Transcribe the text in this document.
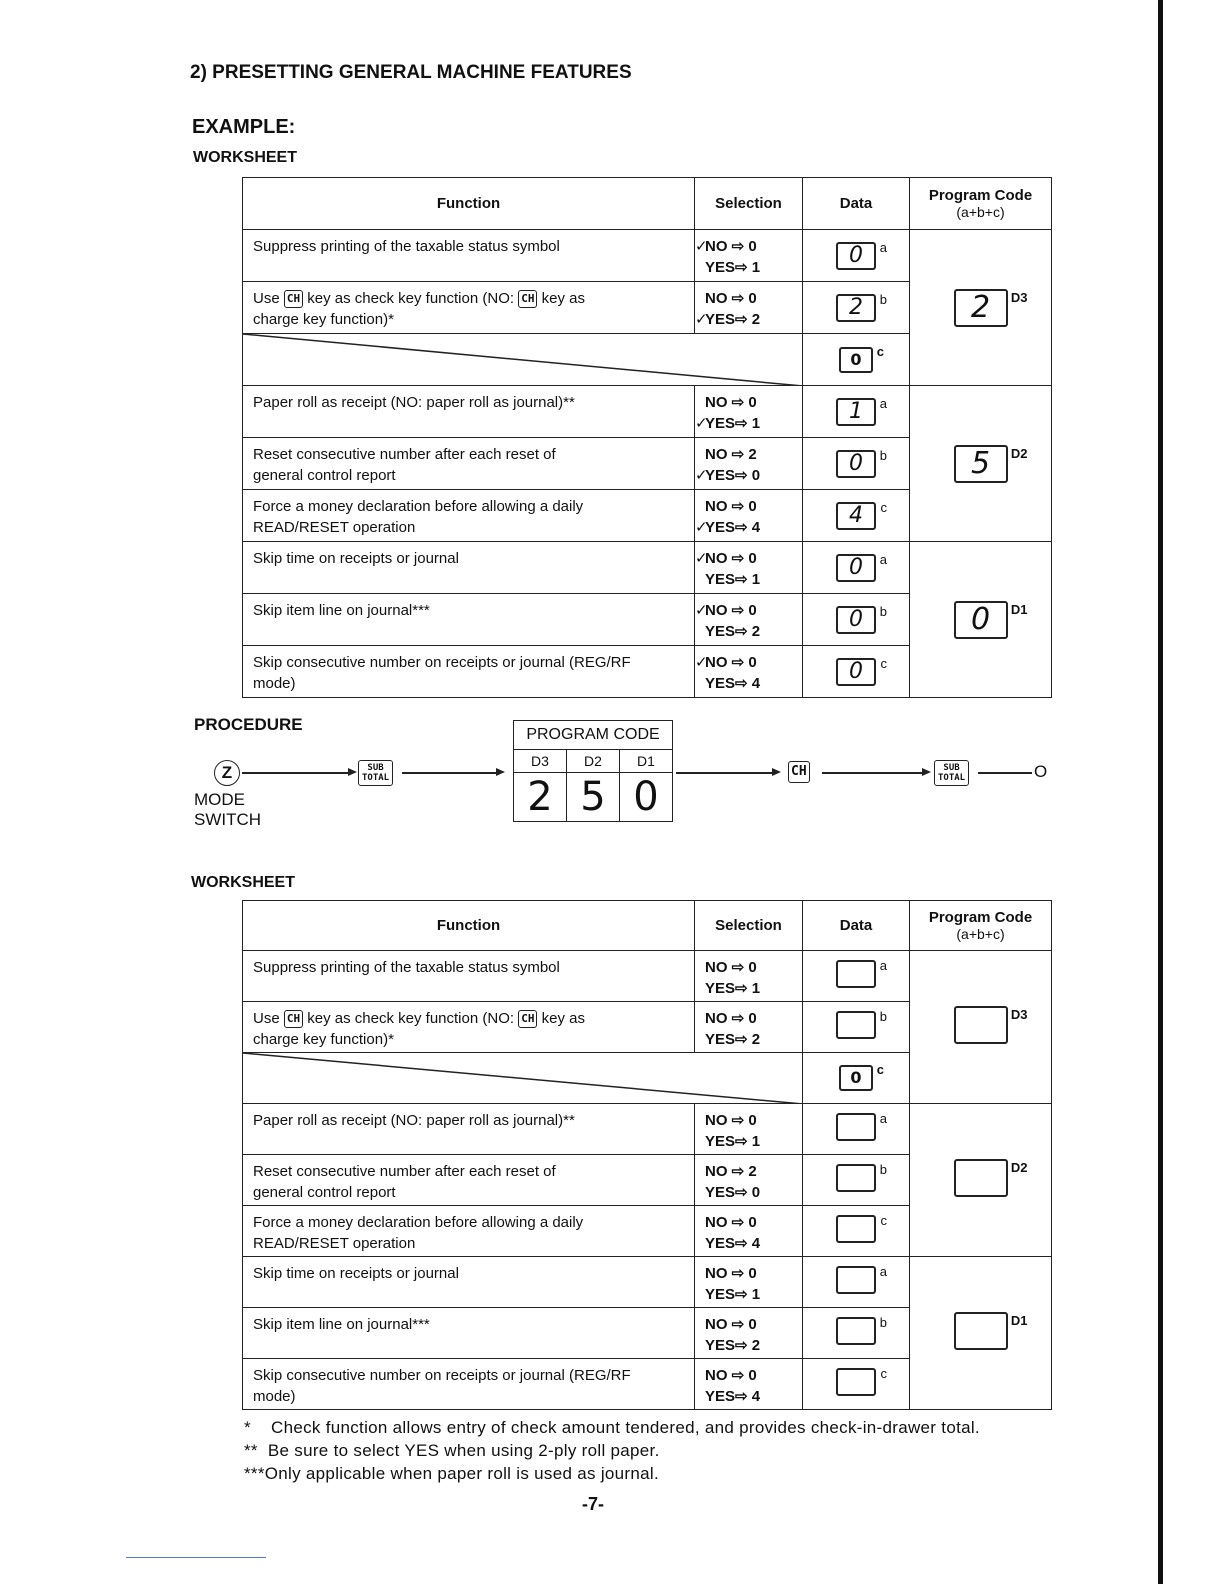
2) PRESETTING GENERAL MACHINE FEATURES
EXAMPLE:
WORKSHEET
Function	Selection	Data	Program Code
(a+b+c)
Suppress printing of the taxable status symbol	✓NO ⇨ 0
YES⇨ 1	0 a	2 D3

Use CH key as check key function (NO: CH key as
charge key function)*	NO ⇨ 0
✓YES⇨ 2	2 b	

	0 c	

Paper roll as receipt (NO: paper roll as journal)**	NO ⇨ 0
✓YES⇨ 1	1 a	5 D2

Reset consecutive number after each reset of
general control report	NO ⇨ 2
✓YES⇨ 0	0 b	

Force a money declaration before allowing a daily
READ/RESET operation	NO ⇨ 0
✓YES⇨ 4	4 c	

Skip time on receipts or journal	✓NO ⇨ 0
YES⇨ 1	0 a	0 D1

Skip item line on journal***	✓NO ⇨ 0
YES⇨ 2	0 b	

Skip consecutive number on receipts or journal (REG/RF
mode)	✓NO ⇨ 0
YES⇨ 4	0 c	
PROCEDURE
Z
MODE
SWITCH
SUB
TOTAL
PROGRAM CODE		
D3	D2	D1
2	5	0
CH	SUB
TOTAL	O
WORKSHEET
Function	Selection	Data	Program Code
(a+b+c)
Suppress printing of the taxable status symbol	NO ⇨ 0
YES⇨ 1	a	D3

Use CH key as check key function (NO: CH key as
charge key function)*	NO ⇨ 0
YES⇨ 2	b	

	0 c	

Paper roll as receipt (NO: paper roll as journal)**	NO ⇨ 0
YES⇨ 1	a	D2

Reset consecutive number after each reset of
general control report	NO ⇨ 2
YES⇨ 0	b	

Force a money declaration before allowing a daily
READ/RESET operation	NO ⇨ 0
YES⇨ 4	c	

Skip time on receipts or journal	NO ⇨ 0
YES⇨ 1	a	D1

Skip item line on journal***	NO ⇨ 0
YES⇨ 2	b	

Skip consecutive number on receipts or journal (REG/RF
mode)	NO ⇨ 0
YES⇨ 4	c	
*    Check function allows entry of check amount tendered, and provides check-in-drawer total.
**  Be sure to select YES when using 2-ply roll paper.
***Only applicable when paper roll is used as journal.
-7-
